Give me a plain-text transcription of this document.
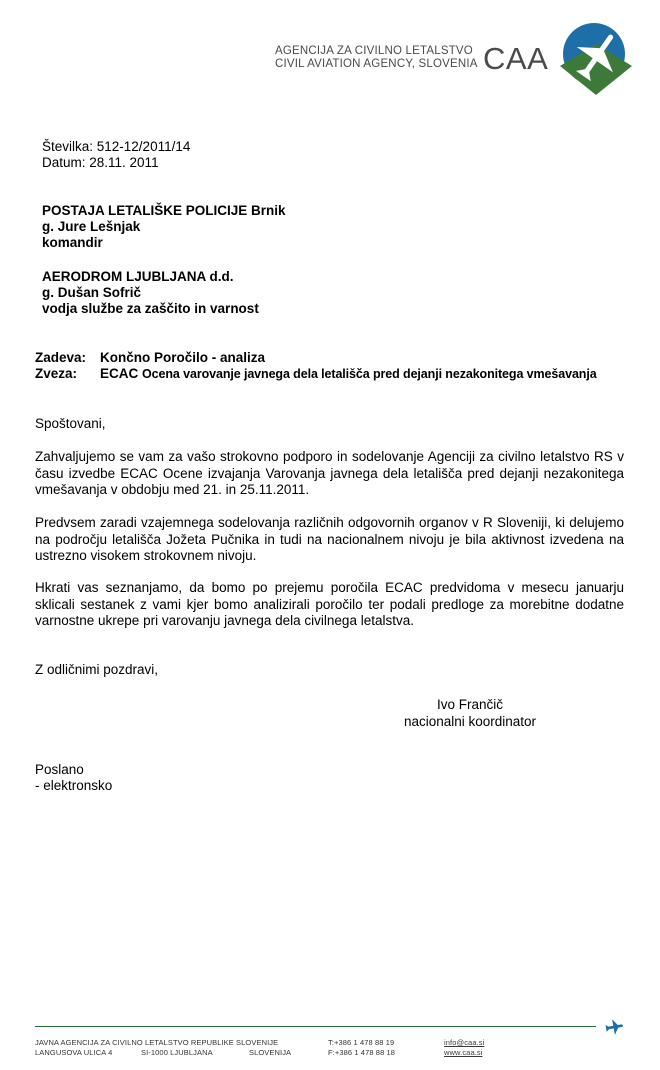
AGENCIJA ZA CIVILNO LETALSTVO
CIVIL AVIATION AGENCY, SLOVENIA CAA
Številka: 512-12/2011/14
Datum: 28.11. 2011
POSTAJA LETALIŠKE POLICIJE Brnik
g. Jure Lešnjak
komandir
AERODROM LJUBLJANA d.d.
g. Dušan Sofrič
vodja službe za zaščito in varnost
Zadeva:	Končno Poročilo - analiza
Zveza:	ECAC Ocena varovanje javnega dela letališča pred dejanji nezakonitega vmešavanja
Spoštovani,
Zahvaljujemo se vam za vašo strokovno podporo in sodelovanje Agenciji za civilno letalstvo RS v času izvedbe ECAC Ocene izvajanja Varovanja javnega dela letališča pred dejanji nezakonitega vmešavanja v obdobju med 21. in 25.11.2011.
Predvsem zaradi vzajemnega sodelovanja različnih odgovornih organov v R Sloveniji, ki delujemo na področju letališča Jožeta Pučnika in tudi na nacionalnem nivoju je bila aktivnost izvedena na ustrezno visokem strokovnem nivoju.
Hkrati vas seznanjamo, da bomo po prejemu poročila ECAC predvidoma v mesecu januarju sklicali sestanek z vami kjer bomo analizirali poročilo ter podali predloge za morebitne dodatne varnostne ukrepe pri varovanju javnega dela civilnega letalstva.
Z odličnimi pozdravi,
Ivo Frančič
nacionalni koordinator
Poslano
- elektronsko
JAVNA AGENCIJA ZA CIVILNO LETALSTVO REPUBLIKE SLOVENIJE
LANGUSOVA ULICA 4	SI-1000 LJUBLJANA	SLOVENIJA
T:+386 1 478 88 19
F:+386 1 478 88 18
info@caa.si
www.caa.si
